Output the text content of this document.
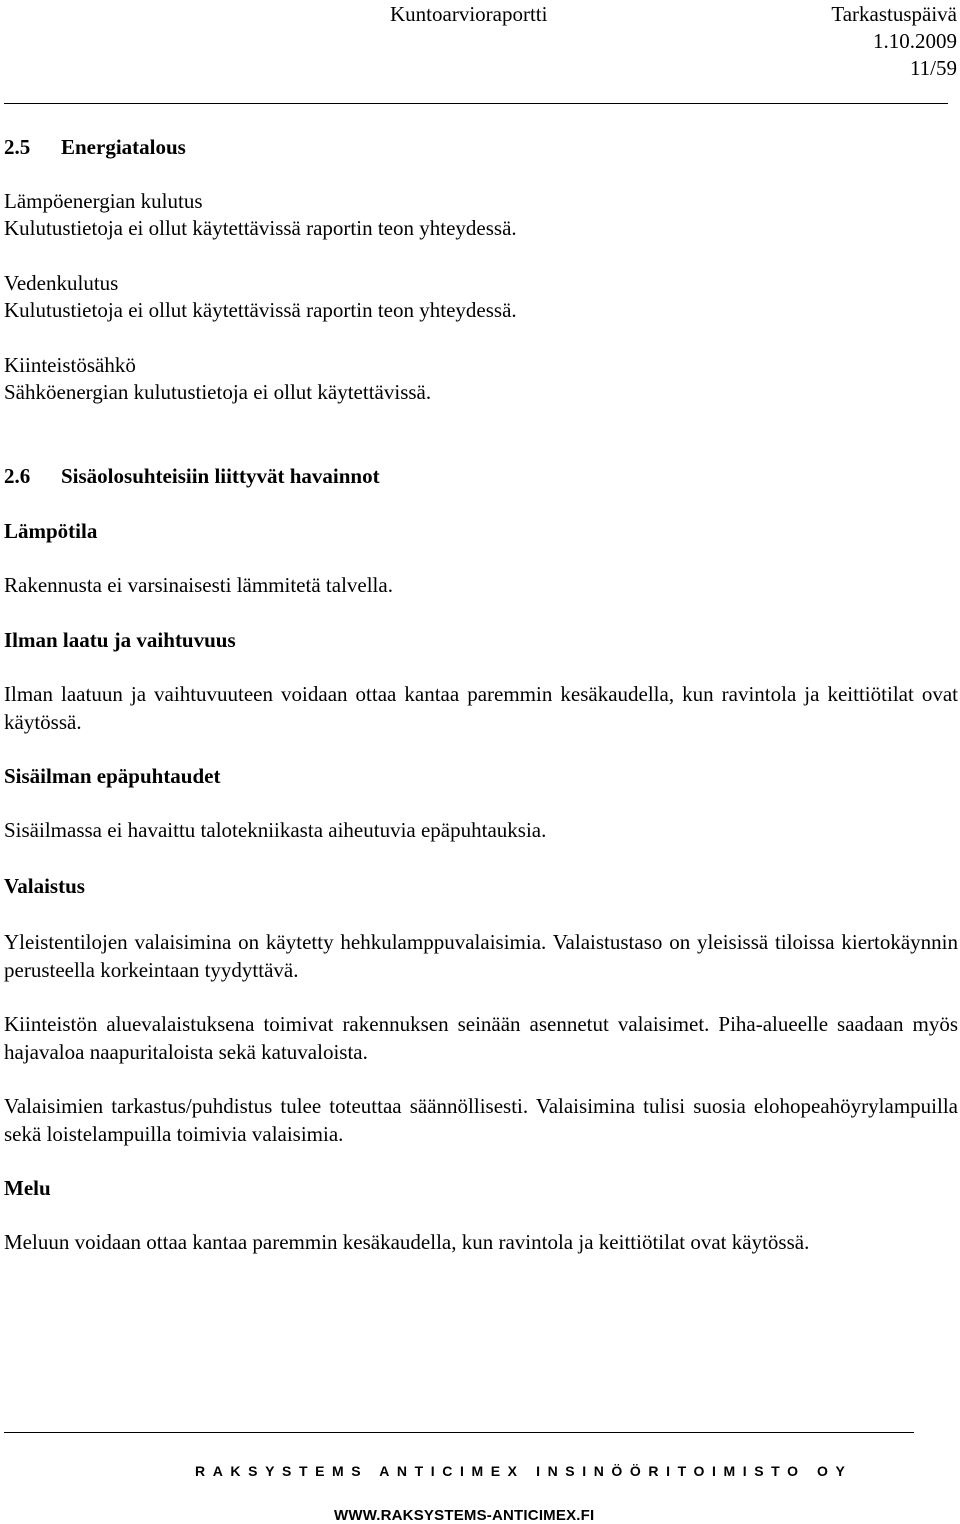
Kuntoarvioraportti	Tarkastuspäivä
1.10.2009
11/59
2.5 Energiatalous
Lämpöenergian kulutus
Kulutustietoja ei ollut käytettävissä raportin teon yhteydessä.
Vedenkulutus
Kulutustietoja ei ollut käytettävissä raportin teon yhteydessä.
Kiinteistösähkö
Sähköenergian kulutustietoja ei ollut käytettävissä.
2.6 Sisäolosuhteisiin liittyvät havainnot
Lämpötila
Rakennusta ei varsinaisesti lämmitetä talvella.
Ilman laatu ja vaihtuvuus
Ilman laatuun ja vaihtuvuuteen voidaan ottaa kantaa paremmin kesäkaudella, kun ravintola ja keittiötilat ovat käytössä.
Sisäilman epäpuhtaudet
Sisäilmassa ei havaittu talotekniikasta aiheutuvia epäpuhtauksia.
Valaistus
Yleistentilojen valaisimina on käytetty hehkulamppuvalaisimia. Valaistustaso on yleisissä tiloissa kiertokäynnin perusteella korkeintaan tyydyttävä.
Kiinteistön aluevalaistuksena toimivat rakennuksen seinään asennetut valaisimet. Piha-alueelle saadaan myös hajavaloa naapuritaloista sekä katuvaloista.
Valaisimien tarkastus/puhdistus tulee toteuttaa säännöllisesti. Valaisimina tulisi suosia elohopeahöyrylampuilla sekä loistelampuilla toimivia valaisimia.
Melu
Meluun voidaan ottaa kantaa paremmin kesäkaudella, kun ravintola ja keittiötilat ovat käytössä.
RAKSYSTEMS ANTICIMEX INSINÖÖRITOIMISTO OY
WWW.RAKSYSTEMS-ANTICIMEX.FI
